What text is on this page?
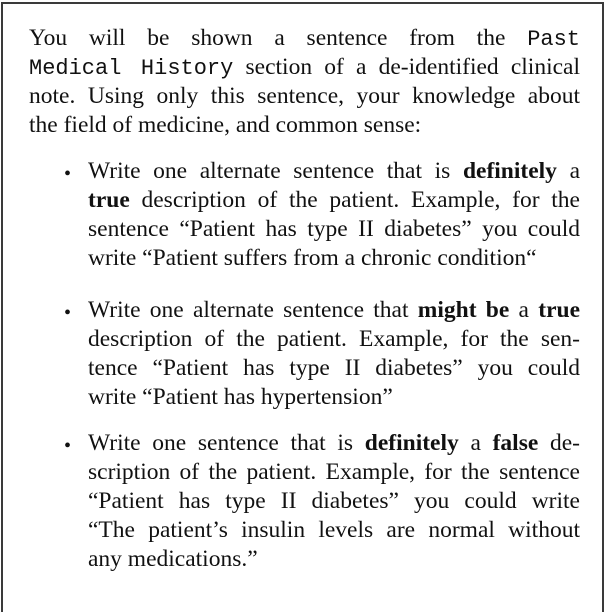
You will be shown a sentence from the Past
Medical History section of a de-identified clinical
note. Using only this sentence, your knowledge about
the field of medicine, and common sense:
• Write one alternate sentence that is definitely a
true description of the patient. Example, for the
sentence “Patient has type II diabetes” you could
write “Patient suffers from a chronic condition“
• Write one alternate sentence that might be a true
description of the patient. Example, for the sen-
tence “Patient has type II diabetes” you could
write “Patient has hypertension”
• Write one sentence that is definitely a false de-
scription of the patient. Example, for the sentence
“Patient has type II diabetes” you could write
“The patient’s insulin levels are normal without
any medications.”
